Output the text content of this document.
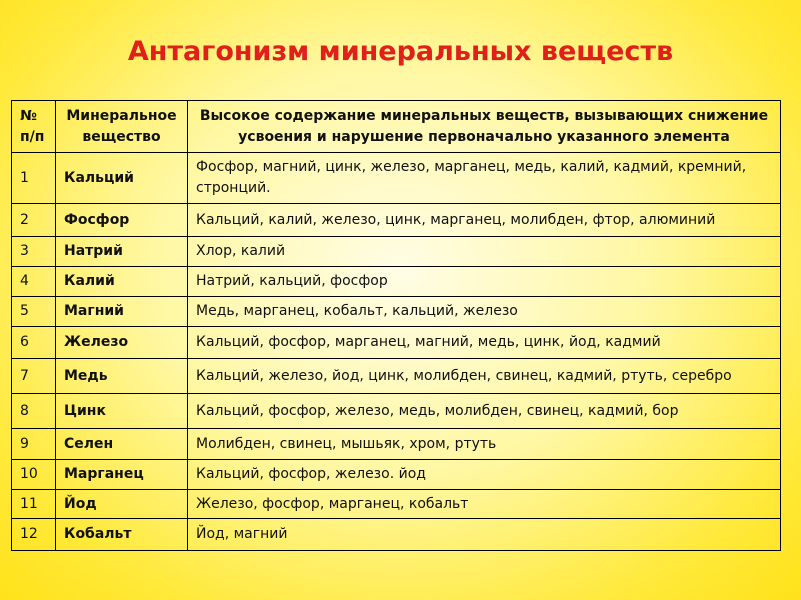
Антагонизм минеральных веществ
№ п/п	Минеральное вещество	Высокое содержание минеральных веществ, вызывающих снижение усвоения и нарушение первоначально указанного элемента
1	Кальций	Фосфор, магний, цинк, железо, марганец, медь, калий, кадмий, кремний, стронций.
2	Фосфор	Кальций, калий, железо, цинк, марганец, молибден, фтор, алюминий
3	Натрий	Хлор, калий
4	Калий	Натрий, кальций, фосфор
5	Магний	Медь, марганец, кобальт, кальций, железо
6	Железо	Кальций, фосфор, марганец, магний, медь, цинк, йод, кадмий
7	Медь	Кальций, железо, йод, цинк, молибден, свинец, кадмий, ртуть, серебро
8	Цинк	Кальций, фосфор, железо, медь, молибден, свинец, кадмий, бор
9	Селен	Молибден, свинец, мышьяк, хром, ртуть
10	Марганец	Кальций, фосфор, железо. йод
11	Йод	Железо, фосфор, марганец, кобальт
12	Кобальт	Йод, магний
